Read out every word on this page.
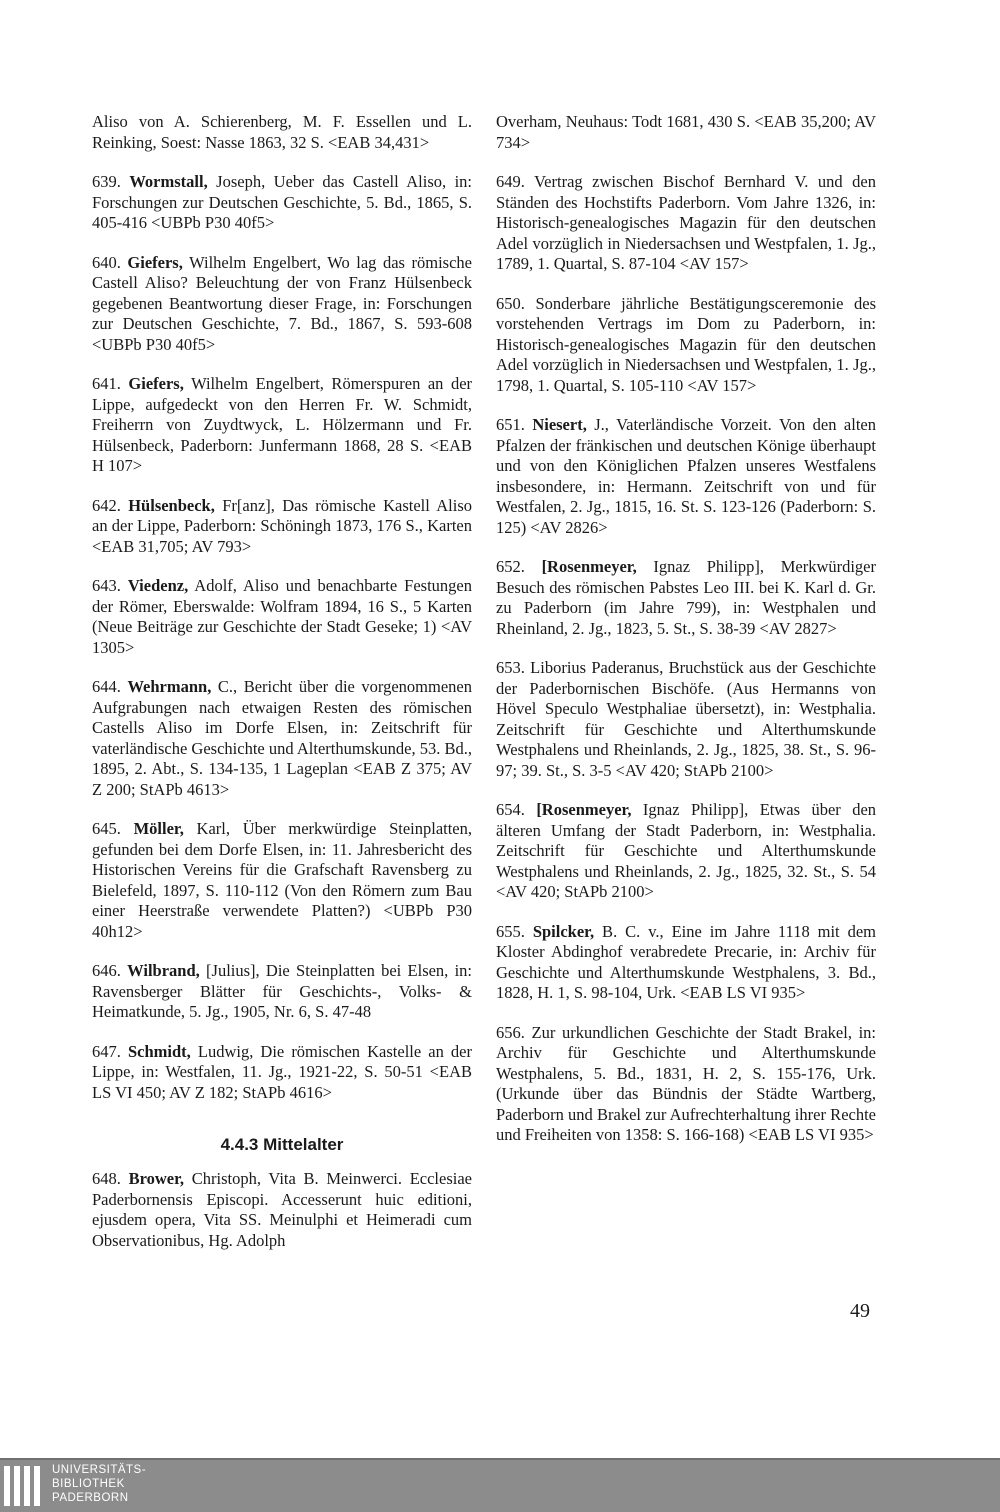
Aliso von A. Schierenberg, M. F. Essellen und L. Reinking, Soest: Nasse 1863, 32 S. <EAB 34,431>

639. Wormstall, Joseph, Ueber das Castell Aliso, in: Forschungen zur Deutschen Geschichte, 5. Bd., 1865, S. 405-416 <UBPb P30 40f5>

640. Giefers, Wilhelm Engelbert, Wo lag das römische Castell Aliso? Beleuchtung der von Franz Hülsenbeck gegebenen Beantwortung dieser Frage, in: Forschungen zur Deutschen Geschichte, 7. Bd., 1867, S. 593-608 <UBPb P30 40f5>

641. Giefers, Wilhelm Engelbert, Römerspuren an der Lippe, aufgedeckt von den Herren Fr. W. Schmidt, Freiherrn von Zuydtwyck, L. Hölzermann und Fr. Hülsenbeck, Paderborn: Junfermann 1868, 28 S. <EAB H 107>

642. Hülsenbeck, Fr[anz], Das römische Kastell Aliso an der Lippe, Paderborn: Schöningh 1873, 176 S., Karten <EAB 31,705; AV 793>

643. Viedenz, Adolf, Aliso und benachbarte Festungen der Römer, Eberswalde: Wolfram 1894, 16 S., 5 Karten (Neue Beiträge zur Geschichte der Stadt Geseke; 1) <AV 1305>

644. Wehrmann, C., Bericht über die vorgenommenen Aufgrabungen nach etwaigen Resten des römischen Castells Aliso im Dorfe Elsen, in: Zeitschrift für vaterländische Geschichte und Alterthumskunde, 53. Bd., 1895, 2. Abt., S. 134-135, 1 Lageplan <EAB Z 375; AV Z 200; StAPb 4613>

645. Möller, Karl, Über merkwürdige Steinplatten, gefunden bei dem Dorfe Elsen, in: 11. Jahresbericht des Historischen Vereins für die Grafschaft Ravensberg zu Bielefeld, 1897, S. 110-112 (Von den Römern zum Bau einer Heerstraße verwendete Platten?) <UBPb P30 40h12>

646. Wilbrand, [Julius], Die Steinplatten bei Elsen, in: Ravensberger Blätter für Geschichts-, Volks- & Heimatkunde, 5. Jg., 1905, Nr. 6, S. 47-48

647. Schmidt, Ludwig, Die römischen Kastelle an der Lippe, in: Westfalen, 11. Jg., 1921-22, S. 50-51 <EAB LS VI 450; AV Z 182; StAPb 4616>

4.4.3 Mittelalter

648. Brower, Christoph, Vita B. Meinwerci. Ecclesiae Paderbornensis Episcopi. Accesserunt huic editioni, ejusdem opera, Vita SS. Meinulphi et Heimeradi cum Observationibus, Hg. Adolph

Overham, Neuhaus: Todt 1681, 430 S. <EAB 35,200; AV 734>

649. Vertrag zwischen Bischof Bernhard V. und den Ständen des Hochstifts Paderborn. Vom Jahre 1326, in: Historisch-genealogisches Magazin für den deutschen Adel vorzüglich in Niedersachsen und Westpfalen, 1. Jg., 1789, 1. Quartal, S. 87-104 <AV 157>

650. Sonderbare jährliche Bestätigungsceremonie des vorstehenden Vertrags im Dom zu Paderborn, in: Historisch-genealogisches Magazin für den deutschen Adel vorzüglich in Niedersachsen und Westpfalen, 1. Jg., 1798, 1. Quartal, S. 105-110 <AV 157>

651. Niesert, J., Vaterländische Vorzeit. Von den alten Pfalzen der fränkischen und deutschen Könige überhaupt und von den Königlichen Pfalzen unseres Westfalens insbesondere, in: Hermann. Zeitschrift von und für Westfalen, 2. Jg., 1815, 16. St. S. 123-126 (Paderborn: S. 125) <AV 2826>

652. [Rosenmeyer, Ignaz Philipp], Merkwürdiger Besuch des römischen Pabstes Leo III. bei K. Karl d. Gr. zu Paderborn (im Jahre 799), in: Westphalen und Rheinland, 2. Jg., 1823, 5. St., S. 38-39 <AV 2827>

653. Liborius Paderanus, Bruchstück aus der Geschichte der Paderbornischen Bischöfe. (Aus Hermanns von Hövel Speculo Westphaliae übersetzt), in: Westphalia. Zeitschrift für Geschichte und Alterthumskunde Westphalens und Rheinlands, 2. Jg., 1825, 38. St., S. 96-97; 39. St., S. 3-5 <AV 420; StAPb 2100>

654. [Rosenmeyer, Ignaz Philipp], Etwas über den älteren Umfang der Stadt Paderborn, in: Westphalia. Zeitschrift für Geschichte und Alterthumskunde Westphalens und Rheinlands, 2. Jg., 1825, 32. St., S. 54 <AV 420; StAPb 2100>

655. Spilcker, B. C. v., Eine im Jahre 1118 mit dem Kloster Abdinghof verabredete Precarie, in: Archiv für Geschichte und Alterthumskunde Westphalens, 3. Bd., 1828, H. 1, S. 98-104, Urk. <EAB LS VI 935>

656. Zur urkundlichen Geschichte der Stadt Brakel, in: Archiv für Geschichte und Alterthumskunde Westphalens, 5. Bd., 1831, H. 2, S. 155-176, Urk. (Urkunde über das Bündnis der Städte Wartberg, Paderborn und Brakel zur Aufrechterhaltung ihrer Rechte und Freiheiten von 1358: S. 166-168) <EAB LS VI 935>

49
UNIVERSITÄTS-
BIBLIOTHEK
PADERBORN
